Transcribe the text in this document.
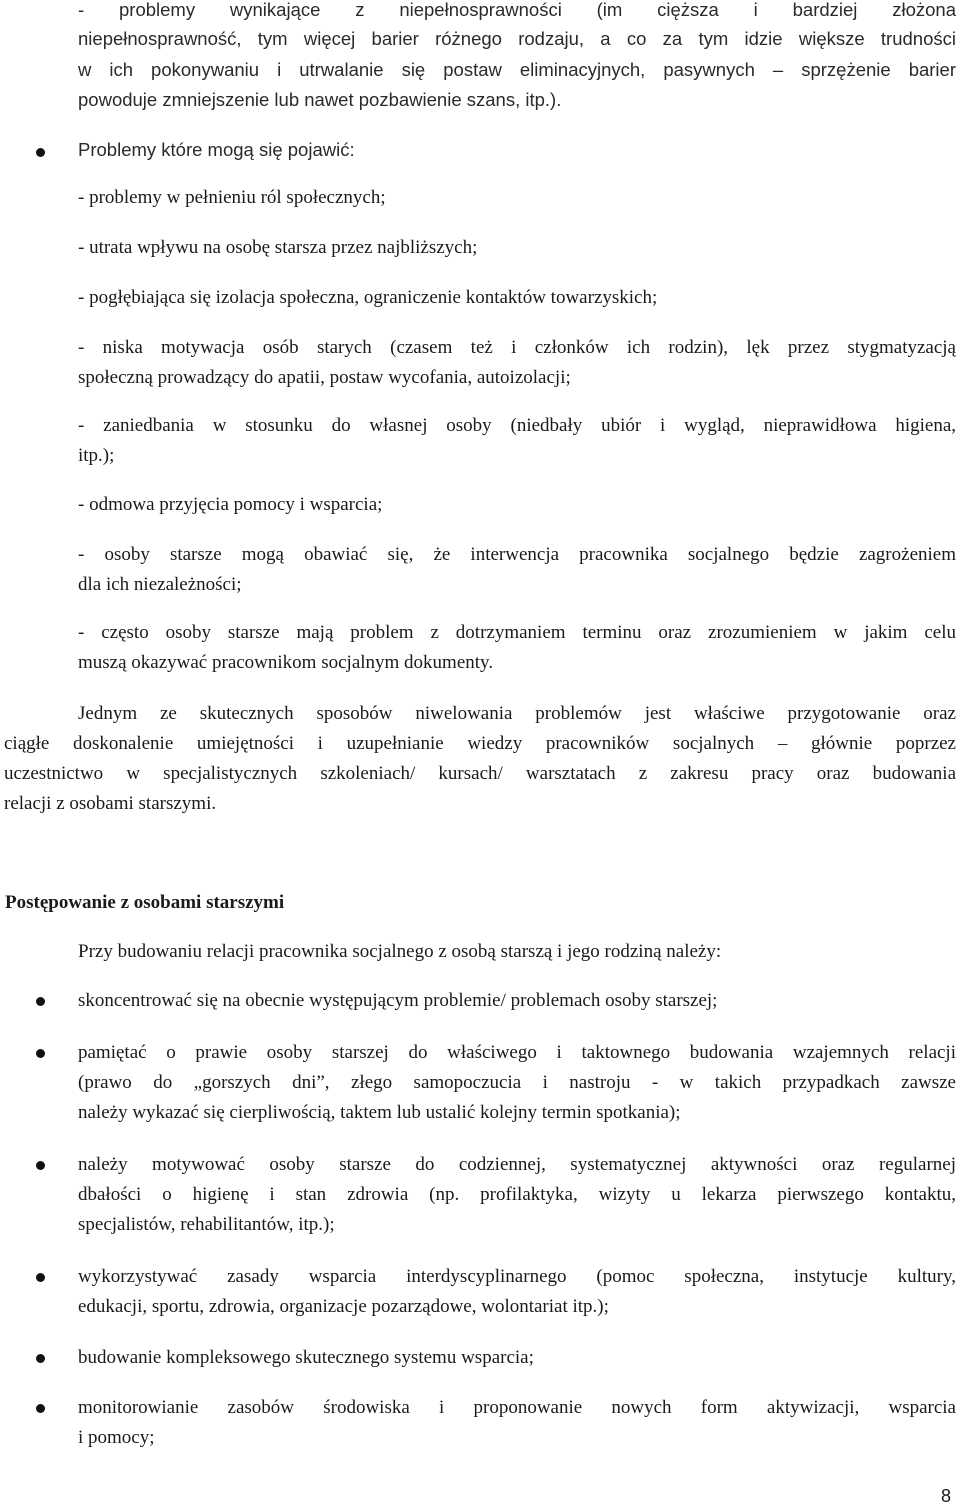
- problemy wynikające z niepełnosprawności (im cięższa i bardziej złożona
niepełnosprawność, tym więcej barier różnego rodzaju, a co za tym idzie większe trudności
w ich pokonywaniu i utrwalanie się postaw eliminacyjnych, pasywnych – sprzężenie barier
powoduje zmniejszenie lub nawet pozbawienie szans, itp.).
Problemy które mogą się pojawić:
- problemy w pełnieniu ról społecznych;
- utrata wpływu na osobę starsza przez najbliższych;
- pogłębiająca się izolacja społeczna, ograniczenie kontaktów towarzyskich;
- niska motywacja osób starych (czasem też i członków ich rodzin), lęk przez stygmatyzacją
społeczną prowadzący do apatii, postaw wycofania, autoizolacji;
- zaniedbania w stosunku do własnej osoby (niedbały ubiór i wygląd, nieprawidłowa higiena,
itp.);
- odmowa przyjęcia pomocy i wsparcia;
- osoby starsze mogą obawiać się, że interwencja pracownika socjalnego będzie zagrożeniem
dla ich niezależności;
- często osoby starsze mają problem z dotrzymaniem terminu oraz zrozumieniem w jakim celu
muszą okazywać pracownikom socjalnym dokumenty.
Jednym ze skutecznych sposobów niwelowania problemów jest właściwe przygotowanie oraz
ciągłe doskonalenie umiejętności i uzupełnianie wiedzy pracowników socjalnych – głównie poprzez
uczestnictwo w specjalistycznych szkoleniach/ kursach/ warsztatach z zakresu pracy oraz budowania
relacji z osobami starszymi.
Postępowanie z osobami starszymi
Przy budowaniu relacji pracownika socjalnego z osobą starszą i jego rodziną należy:
skoncentrować się na obecnie występującym problemie/ problemach osoby starszej;
pamiętać o prawie osoby starszej do właściwego i taktownego budowania wzajemnych relacji
(prawo do „gorszych dni”, złego samopoczucia i nastroju - w takich przypadkach zawsze
należy wykazać się cierpliwością, taktem lub ustalić kolejny termin spotkania);
należy motywować osoby starsze do codziennej, systematycznej aktywności oraz regularnej
dbałości o higienę i stan zdrowia (np. profilaktyka, wizyty u lekarza pierwszego kontaktu,
specjalistów, rehabilitantów, itp.);
wykorzystywać zasady wsparcia interdyscyplinarnego (pomoc społeczna, instytucje kultury,
edukacji, sportu, zdrowia, organizacje pozarządowe, wolontariat itp.);
budowanie kompleksowego skutecznego systemu wsparcia;
monitorowianie zasobów środowiska i proponowanie nowych form aktywizacji, wsparcia
i pomocy;
8
